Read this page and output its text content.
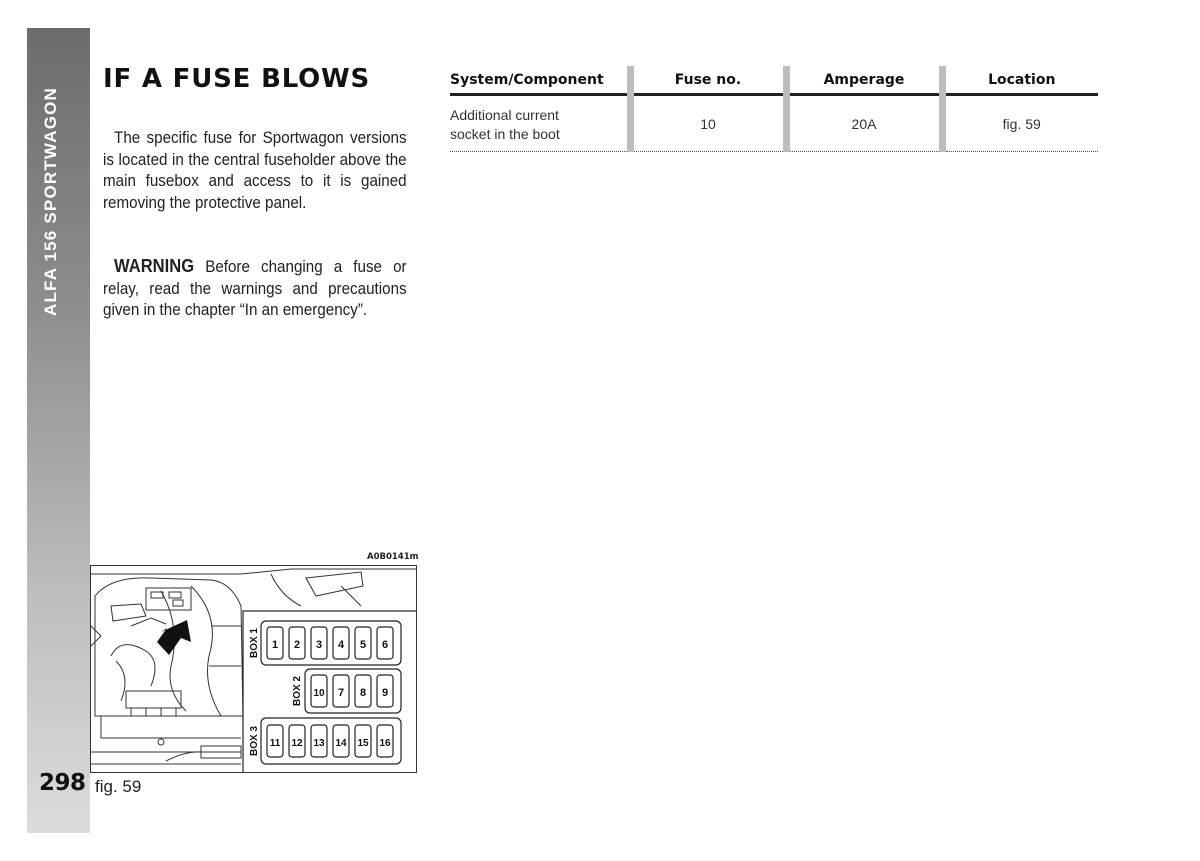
ALFA 156 SPORTWAGON
298
IF A FUSE BLOWS

The specific fuse for Sportwagon versions is located in the central fuseholder above the main fusebox and access to it is gained removing the protective panel.

WARNING Before changing a fuse or relay, read the warnings and precautions given in the chapter “In an emergency”.

System/Component	Fuse no.	Amperage	Location
Additional current
socket in the boot	10	20A	fig. 59
A0B0141m
BOX 1
BOX 2
BOX 3
1 2 3 4 5 6
10 7 8 9
11 12 13 14 15 16
fig. 59
